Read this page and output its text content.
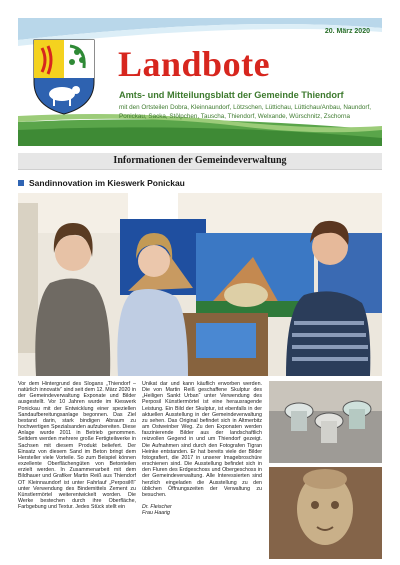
20. März 2020
Landbote
Amts- und Mitteilungsblatt der Gemeinde Thiendorf
mit den Ortsteilen Dobra, Kleinnaundorf, Lötzschen, Lüttichau, Lüttichau/Anbau, Naundorf, Ponickau, Sacka, Stölpchen, Tauscha, Thiendorf, Welxande, Würschnitz, Zschorna
Informationen der Gemeindeverwaltung
Sandinnovation im Kieswerk Ponickau

Vor dem Hintergrund des Slogans „Thiendorf – natürlich innovativ“ sind seit dem 12. März 2020 in der Gemeindeverwaltung Exponate und Bilder ausgestellt. Vor 10 Jahren wurde im Kieswerk Ponickau mit der Entwicklung einer speziellen Sandaufbereitungsanlage begonnen. Das Ziel bestand darin, stark bindigen Abraum zu hochwertigen Spezialsanden aufzubereiten. Diese Anlage wurde 2011 in Betrieb genommen. Seitdem werden mehrere große Fertigteilwerke in Sachsen mit diesem Produkt beliefert. Der Einsatz von diesem Sand im Beton bringt dem Hersteller viele Vorteile. So zum Beispiel können exzellente Oberflächengüten von Betonteilen erzielt werden. In Zusammenarbeit mit dem Bildhauer und Grafiker Martin Reiß aus Thiendorf OT Kleinnaundorf ist unter Fahrlauf „Perposil®“ unter Verwendung des Bindemittels Zement zu Künstlermörtel weiterentwickelt worden. Die Werke bestechen durch ihre Oberfläche, Farbgebung und Textur. Jedes Stück stellt ein

Unikat dar und kann käuflich erworben werden. Die von Martin Reiß geschaffene Skulptur des „Heiligen Sankt Urban“ unter Verwendung des Perposil Künstlermörtel ist eine herausragende Leistung. Ein Bild der Skulptur, ist ebenfalls in der aktuellen Ausstellung in der Gemeindeverwaltung zu sehen. Das Original befindet sich in Altmerbitz am Ostweinber Weg. Zu den Exponaten werden faszinierende Bilder aus der landschaftlich reizvollen Gegend in und um Thiendorf gezeigt. Die Aufnahmen sind durch den Fotografen Tigran Heinke entstanden. Er hat bereits viele der Bilder fotografiert, die 2017 in unserer Imagebroschüre erschienen sind. Die Ausstellung befindet sich in den Fluren des Erdgeschoss und Obergeschoss in der Gemeindeverwaltung. Alle Interessierten sind herzlich eingeladen die Ausstellung zu den üblichen Öffnungszeiten der Verwaltung zu besuchen.

Dr. Fleischer

Frau Haarig
